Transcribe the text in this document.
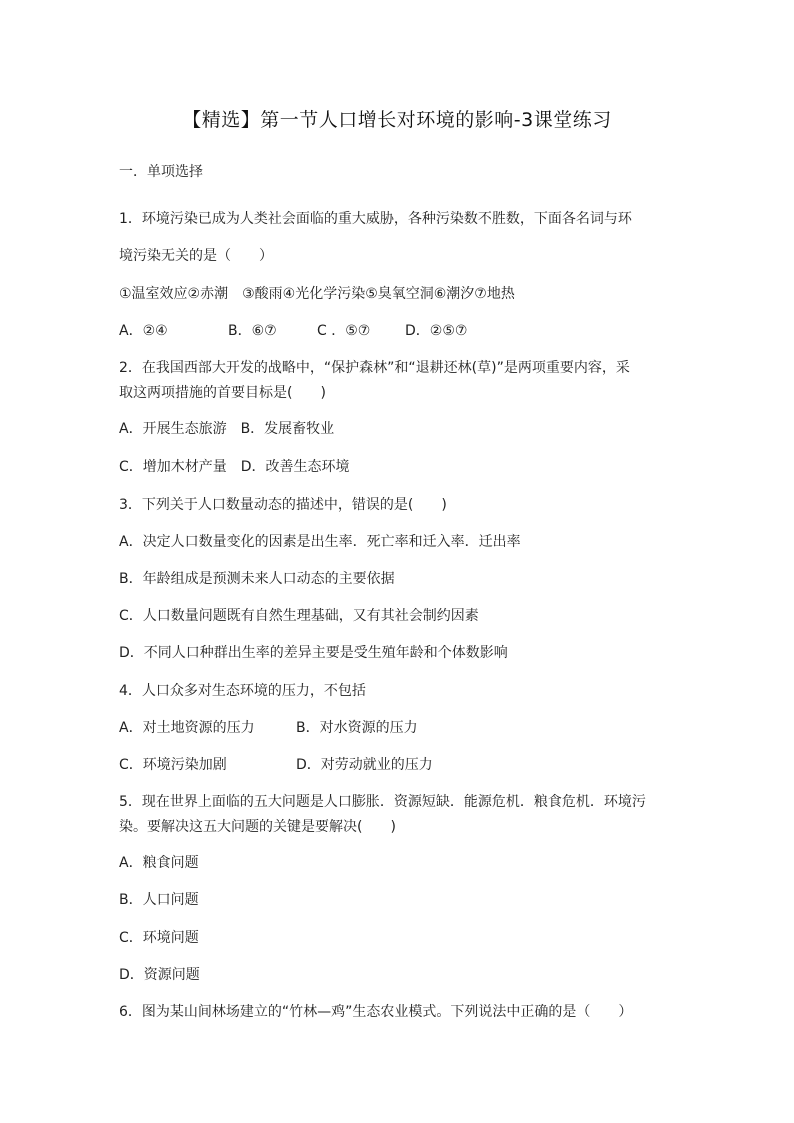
【精选】第一节人口增长对环境的影响-3课堂练习
一．单项选择
1．环境污染已成为人类社会面临的重大威胁，各种污染数不胜数，下面各名词与环
境污染无关的是（　　）
①温室效应②赤潮　③酸雨④光化学污染⑤臭氧空洞⑥潮汐⑦地热
A．②④	B．⑥⑦	C ．⑤⑦ D．②⑤⑦
2．在我国西部大开发的战略中，“保护森林”和“退耕还林(草)”是两项重要内容，采
取这两项措施的首要目标是(　　)
A．开展生态旅游　B．发展畜牧业
C．增加木材产量　D．改善生态环境
3．下列关于人口数量动态的描述中，错误的是(　　)
A．决定人口数量变化的因素是出生率．死亡率和迁入率．迁出率
B．年龄组成是预测未来人口动态的主要依据
C．人口数量问题既有自然生理基础，又有其社会制约因素
D．不同人口种群出生率的差异主要是受生殖年龄和个体数影响
4．人口众多对生态环境的压力，不包括
A．对土地资源的压力	B．对水资源的压力
C．环境污染加剧	D．对劳动就业的压力
5．现在世界上面临的五大问题是人口膨胀．资源短缺．能源危机．粮食危机．环境污
染。要解决这五大问题的关键是要解决(　　)
A．粮食问题
B．人口问题
C．环境问题
D．资源问题
6．图为某山间林场建立的“竹林—鸡”生态农业模式。下列说法中正确的是（　　）
